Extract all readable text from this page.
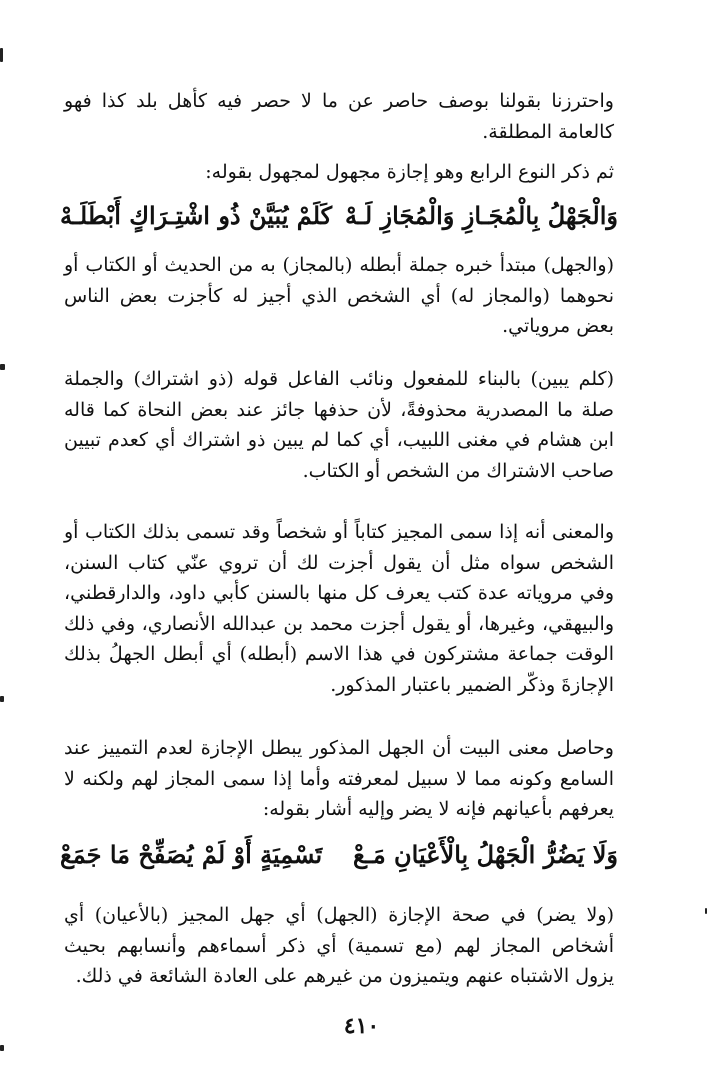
واحترزنا بقولنا بوصف حاصر عن ما لا حصر فيه كأهل بلد كذا فهو كالعامة المطلقة.
ثم ذكر النوع الرابع وهو إجازة مجهول لمجهول بقوله:
وَالْجَهْلُ بِالْمُجَـازِ وَالْمُجَازِ لَـهْ
كَلَمْ يُبَيَّنْ ذُو اشْتِـرَاكٍ أَبْطَلَـهْ
(والجهل) مبتدأ خبره جملة أبطله (بالمجاز) به من الحديث أو الكتاب أو نحوهما (والمجاز له) أي الشخص الذي أجيز له كأجزت بعض الناس بعض مروياتي.
(كلم يبين) بالبناء للمفعول ونائب الفاعل قوله (ذو اشتراك) والجملة صلة ما المصدرية محذوفةً، لأن حذفها جائز عند بعض النحاة كما قاله ابن هشام في مغنى اللبيب، أي كما لم يبين ذو اشتراك أي كعدم تبيين صاحب الاشتراك من الشخص أو الكتاب.
والمعنى أنه إذا سمى المجيز كتاباً أو شخصاً وقد تسمى بذلك الكتاب أو الشخص سواه مثل أن يقول أجزت لك أن تروي عنّي كتاب السنن، وفي مروياته عدة كتب يعرف كل منها بالسنن كأبي داود، والدارقطني، والبيهقي، وغيرها، أو يقول أجزت محمد بن عبدالله الأنصاري، وفي ذلك الوقت جماعة مشتركون في هذا الاسم (أبطله) أي أبطل الجهلُ بذلك الإجازةَ وذكّر الضمير باعتبار المذكور.
وحاصل معنى البيت أن الجهل المذكور يبطل الإجازة لعدم التمييز عند السامع وكونه مما لا سبيل لمعرفته وأما إذا سمى المجاز لهم ولكنه لا يعرفهم بأعيانهم فإنه لا يضر وإليه أشار بقوله:
وَلَا يَضُرُّ الْجَهْلُ بِالْأَعْيَانِ مَـعْ
تَسْمِيَةٍ أَوْ لَمْ يُصَفِّحْ مَا جَمَعْ
(ولا يضر) في صحة الإجازة (الجهل) أي جهل المجيز (بالأعيان) أي أشخاص المجاز لهم (مع تسمية) أي ذكر أسماءهم وأنسابهم بحيث يزول الاشتباه عنهم ويتميزون من غيرهم على العادة الشائعة في ذلك.
٤١٠
